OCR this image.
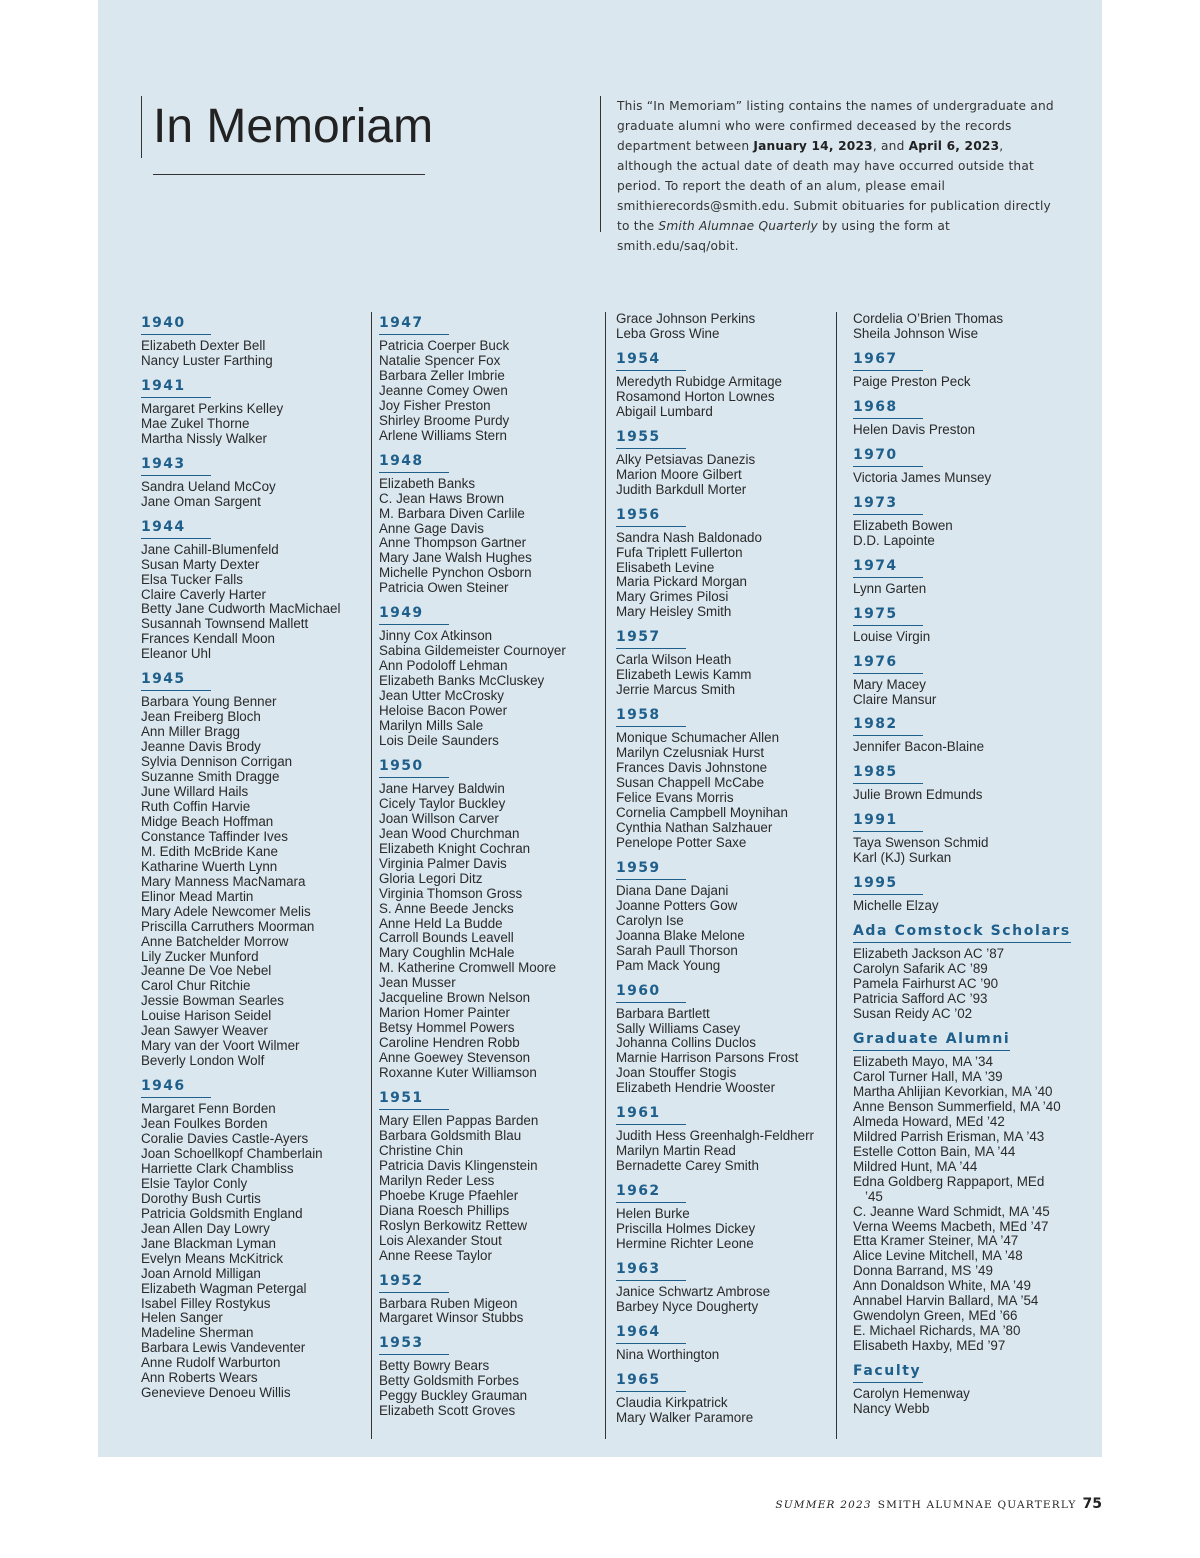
In Memoriam	This “In Memoriam” listing contains the names of undergraduate and graduate alumni who were confirmed deceased by the records department between January 14, 2023, and April 6, 2023, although the actual date of death may have occurred outside that period. To report the death of an alum, please email smithierecords@smith.edu. Submit obituaries for publication directly to the Smith Alumnae Quarterly by using the form at smith.edu/saq/obit.
1940
Elizabeth Dexter Bell
Nancy Luster Farthing
1941
Margaret Perkins Kelley
Mae Zukel Thorne
Martha Nissly Walker
1943
Sandra Ueland McCoy
Jane Oman Sargent
1944
Jane Cahill-Blumenfeld
Susan Marty Dexter
Elsa Tucker Falls
Claire Caverly Harter
Betty Jane Cudworth MacMichael
Susannah Townsend Mallett
Frances Kendall Moon
Eleanor Uhl
1945
Barbara Young Benner
Jean Freiberg Bloch
Ann Miller Bragg
Jeanne Davis Brody
Sylvia Dennison Corrigan
Suzanne Smith Dragge
June Willard Hails
Ruth Coffin Harvie
Midge Beach Hoffman
Constance Taffinder Ives
M. Edith McBride Kane
Katharine Wuerth Lynn
Mary Manness MacNamara
Elinor Mead Martin
Mary Adele Newcomer Melis
Priscilla Carruthers Moorman
Anne Batchelder Morrow
Lily Zucker Munford
Jeanne De Voe Nebel
Carol Chur Ritchie
Jessie Bowman Searles
Louise Harison Seidel
Jean Sawyer Weaver
Mary van der Voort Wilmer
Beverly London Wolf
1946
Margaret Fenn Borden
Jean Foulkes Borden
Coralie Davies Castle-Ayers
Joan Schoellkopf Chamberlain
Harriette Clark Chambliss
Elsie Taylor Conly
Dorothy Bush Curtis
Patricia Goldsmith England
Jean Allen Day Lowry
Jane Blackman Lyman
Evelyn Means McKitrick
Joan Arnold Milligan
Elizabeth Wagman Petergal
Isabel Filley Rostykus
Helen Sanger
Madeline Sherman
Barbara Lewis Vandeventer
Anne Rudolf Warburton
Ann Roberts Wears
Genevieve Denoeu Willis
1947
Patricia Coerper Buck
Natalie Spencer Fox
Barbara Zeller Imbrie
Jeanne Comey Owen
Joy Fisher Preston
Shirley Broome Purdy
Arlene Williams Stern
1948
Elizabeth Banks
C. Jean Haws Brown
M. Barbara Diven Carlile
Anne Gage Davis
Anne Thompson Gartner
Mary Jane Walsh Hughes
Michelle Pynchon Osborn
Patricia Owen Steiner
1949
Jinny Cox Atkinson
Sabina Gildemeister Cournoyer
Ann Podoloff Lehman
Elizabeth Banks McCluskey
Jean Utter McCrosky
Heloise Bacon Power
Marilyn Mills Sale
Lois Deile Saunders
1950
Jane Harvey Baldwin
Cicely Taylor Buckley
Joan Willson Carver
Jean Wood Churchman
Elizabeth Knight Cochran
Virginia Palmer Davis
Gloria Legori Ditz
Virginia Thomson Gross
S. Anne Beede Jencks
Anne Held La Budde
Carroll Bounds Leavell
Mary Coughlin McHale
M. Katherine Cromwell Moore
Jean Musser
Jacqueline Brown Nelson
Marion Homer Painter
Betsy Hommel Powers
Caroline Hendren Robb
Anne Goewey Stevenson
Roxanne Kuter Williamson
1951
Mary Ellen Pappas Barden
Barbara Goldsmith Blau
Christine Chin
Patricia Davis Klingenstein
Marilyn Reder Less
Phoebe Kruge Pfaehler
Diana Roesch Phillips
Roslyn Berkowitz Rettew
Lois Alexander Stout
Anne Reese Taylor
1952
Barbara Ruben Migeon
Margaret Winsor Stubbs
1953
Betty Bowry Bears
Betty Goldsmith Forbes
Peggy Buckley Grauman
Elizabeth Scott Groves
Grace Johnson Perkins
Leba Gross Wine
1954
Meredyth Rubidge Armitage
Rosamond Horton Lownes
Abigail Lumbard
1955
Alky Petsiavas Danezis
Marion Moore Gilbert
Judith Barkdull Morter
1956
Sandra Nash Baldonado
Fufa Triplett Fullerton
Elisabeth Levine
Maria Pickard Morgan
Mary Grimes Pilosi
Mary Heisley Smith
1957
Carla Wilson Heath
Elizabeth Lewis Kamm
Jerrie Marcus Smith
1958
Monique Schumacher Allen
Marilyn Czelusniak Hurst
Frances Davis Johnstone
Susan Chappell McCabe
Felice Evans Morris
Cornelia Campbell Moynihan
Cynthia Nathan Salzhauer
Penelope Potter Saxe
1959
Diana Dane Dajani
Joanne Potters Gow
Carolyn Ise
Joanna Blake Melone
Sarah Paull Thorson
Pam Mack Young
1960
Barbara Bartlett
Sally Williams Casey
Johanna Collins Duclos
Marnie Harrison Parsons Frost
Joan Stouffer Stogis
Elizabeth Hendrie Wooster
1961
Judith Hess Greenhalgh-Feldherr
Marilyn Martin Read
Bernadette Carey Smith
1962
Helen Burke
Priscilla Holmes Dickey
Hermine Richter Leone
1963
Janice Schwartz Ambrose
Barbey Nyce Dougherty
1964
Nina Worthington
1965
Claudia Kirkpatrick
Mary Walker Paramore
Cordelia O’Brien Thomas
Sheila Johnson Wise
1967
Paige Preston Peck
1968
Helen Davis Preston
1970
Victoria James Munsey
1973
Elizabeth Bowen
D.D. Lapointe
1974
Lynn Garten
1975
Louise Virgin
1976
Mary Macey
Claire Mansur
1982
Jennifer Bacon-Blaine
1985
Julie Brown Edmunds
1991
Taya Swenson Schmid
Karl (KJ) Surkan
1995
Michelle Elzay
Ada Comstock Scholars
Elizabeth Jackson AC ’87
Carolyn Safarik AC ’89
Pamela Fairhurst AC ’90
Patricia Safford AC ’93
Susan Reidy AC ’02
Graduate Alumni
Elizabeth Mayo, MA ’34
Carol Turner Hall, MA ’39
Martha Ahlijian Kevorkian, MA ’40
Anne Benson Summerfield, MA ’40
Almeda Howard, MEd ’42
Mildred Parrish Erisman, MA ’43
Estelle Cotton Bain, MA ’44
Mildred Hunt, MA ’44
Edna Goldberg Rappaport, MEd
’45
C. Jeanne Ward Schmidt, MA ’45
Verna Weems Macbeth, MEd ’47
Etta Kramer Steiner, MA ’47
Alice Levine Mitchell, MA ’48
Donna Barrand, MS ’49
Ann Donaldson White, MA ’49
Annabel Harvin Ballard, MA ’54
Gwendolyn Green, MEd ’66
E. Michael Richards, MA ’80
Elisabeth Haxby, MEd ’97
Faculty
Carolyn Hemenway
Nancy Webb
SUMMER 2023 SMITH ALUMNAE QUARTERLY 75
